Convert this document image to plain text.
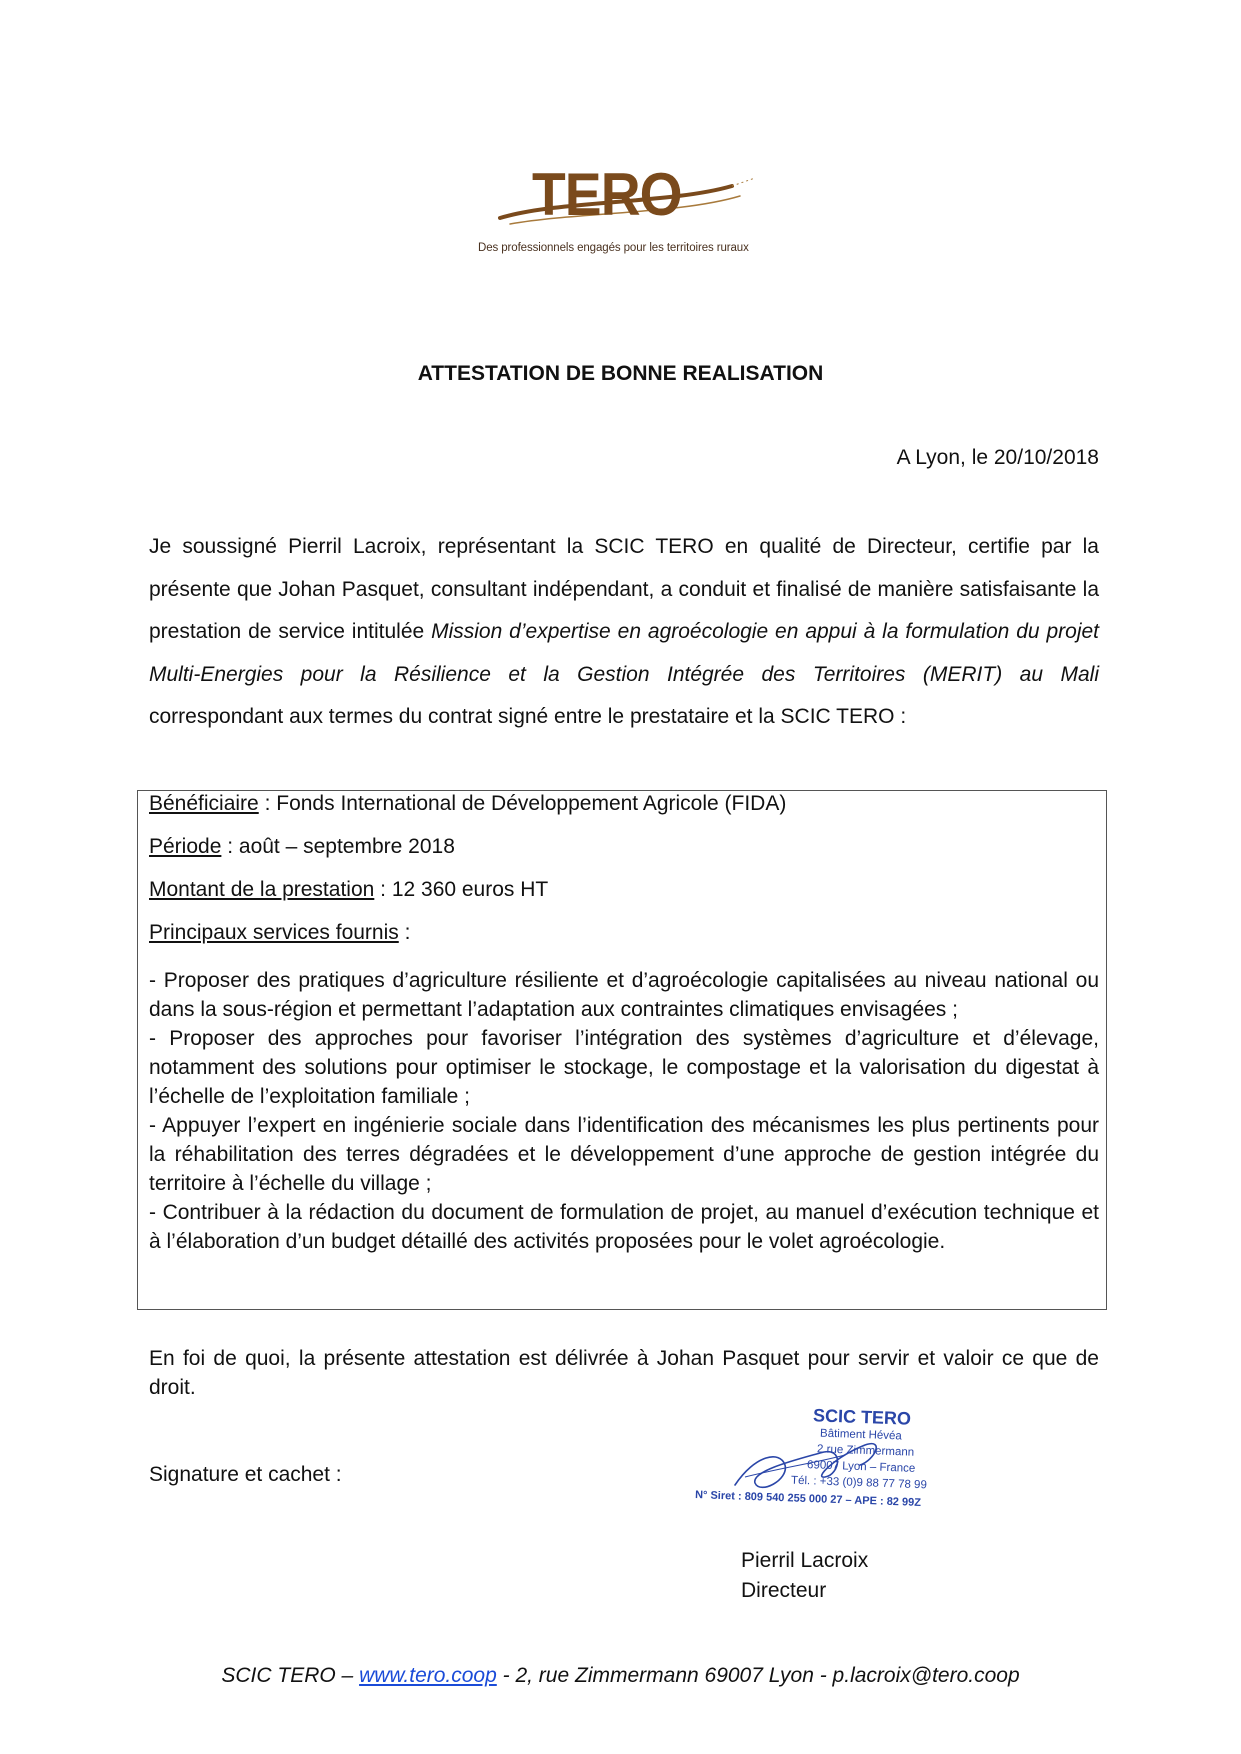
TERO
Des professionnels engagés pour les territoires ruraux
ATTESTATION DE BONNE REALISATION
A Lyon, le 20/10/2018

Je soussigné Pierril Lacroix, représentant la SCIC TERO en qualité de Directeur, certifie par la présente que Johan Pasquet, consultant indépendant, a conduit et finalisé de manière satisfaisante la prestation de service intitulée Mission d’expertise en agroécologie en appui à la formulation du projet Multi-Energies pour la Résilience et la Gestion Intégrée des Territoires (MERIT) au Mali correspondant aux termes du contrat signé entre le prestataire et la SCIC TERO :

Bénéficiaire : Fonds International de Développement Agricole (FIDA)
Période : août – septembre 2018
Montant de la prestation : 12 360 euros HT
Principaux services fournis :

- Proposer des pratiques d’agriculture résiliente et d’agroécologie capitalisées au niveau national ou dans la sous-région et permettant l’adaptation aux contraintes climatiques envisagées ;

- Proposer des approches pour favoriser l’intégration des systèmes d’agriculture et d’élevage, notamment des solutions pour optimiser le stockage, le compostage et la valorisation du digestat à l’échelle de l’exploitation familiale ;

- Appuyer l’expert en ingénierie sociale dans l’identification des mécanismes les plus pertinents pour la réhabilitation des terres dégradées et le développement d’une approche de gestion intégrée du territoire à l’échelle du village ;

- Contribuer à la rédaction du document de formulation de projet, au manuel d’exécution technique et à l’élaboration d’un budget détaillé des activités proposées pour le volet agroécologie.

En foi de quoi, la présente attestation est délivrée à Johan Pasquet pour servir et valoir ce que de droit.

Signature et cachet :
SCIC TERO
Bâtiment Hévéa
2 rue Zimmermann
69007 Lyon – France
Tél. : +33 (0)9 88 77 78 99
N° Siret : 809 540 255 000 27 – APE : 82 99Z
Pierril Lacroix
Directeur
SCIC TERO – www.tero.coop - 2, rue Zimmermann 69007 Lyon - p.lacroix@tero.coop
